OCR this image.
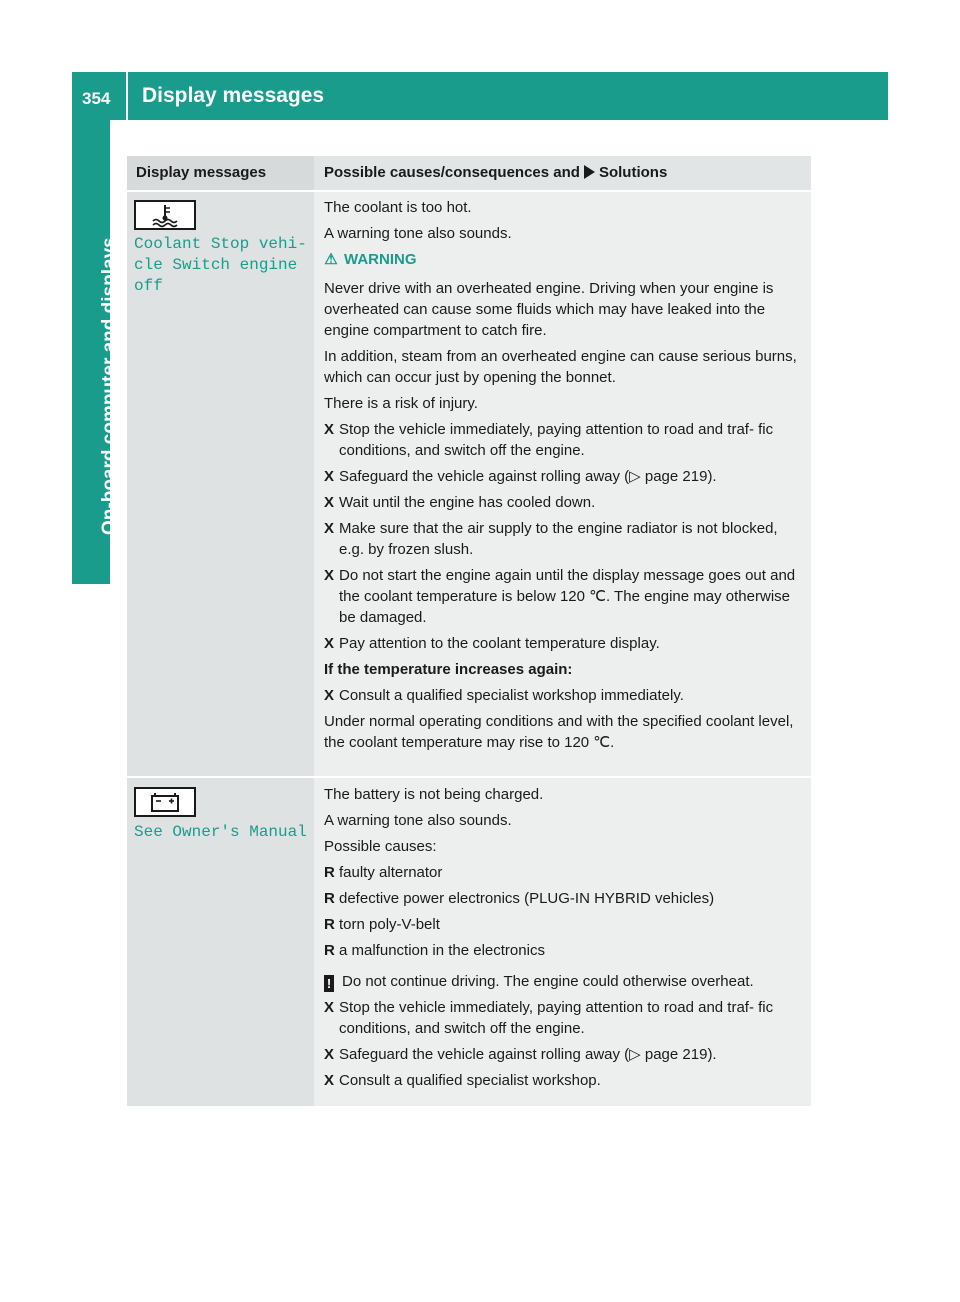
354 Display messages
On-board computer and displays
Display messages	Possible causes/consequences and Solutions
Coolant Stop vehi‐
cle Switch engine
off

The coolant is too hot.

A warning tone also sounds.

⚠ WARNING

Never drive with an overheated engine. Driving when your engine is overheated can cause some fluids which may have leaked into the engine compartment to catch fire.

In addition, steam from an overheated engine can cause serious burns, which can occur just by opening the bonnet.

There is a risk of injury.

X Stop the vehicle immediately, paying attention to road and traf‐ fic conditions, and switch off the engine.
X Safeguard the vehicle against rolling away (▷ page 219).
X Wait until the engine has cooled down.
X Make sure that the air supply to the engine radiator is not blocked, e.g. by frozen slush.
X Do not start the engine again until the display message goes out and the coolant temperature is below 120 ℃. The engine may otherwise be damaged.
X Pay attention to the coolant temperature display.

If the temperature increases again:

X Consult a qualified specialist workshop immediately.

Under normal operating conditions and with the specified coolant level, the coolant temperature may rise to 120 ℃.

See Owner's Manual

The battery is not being charged.

A warning tone also sounds.

Possible causes:

R faulty alternator
R defective power electronics (PLUG-IN HYBRID vehicles)
R torn poly-V-belt
R a malfunction in the electronics

! Do not continue driving. The engine could otherwise overheat.

X Stop the vehicle immediately, paying attention to road and traf‐ fic conditions, and switch off the engine.
X Safeguard the vehicle against rolling away (▷ page 219).
X Consult a qualified specialist workshop.
